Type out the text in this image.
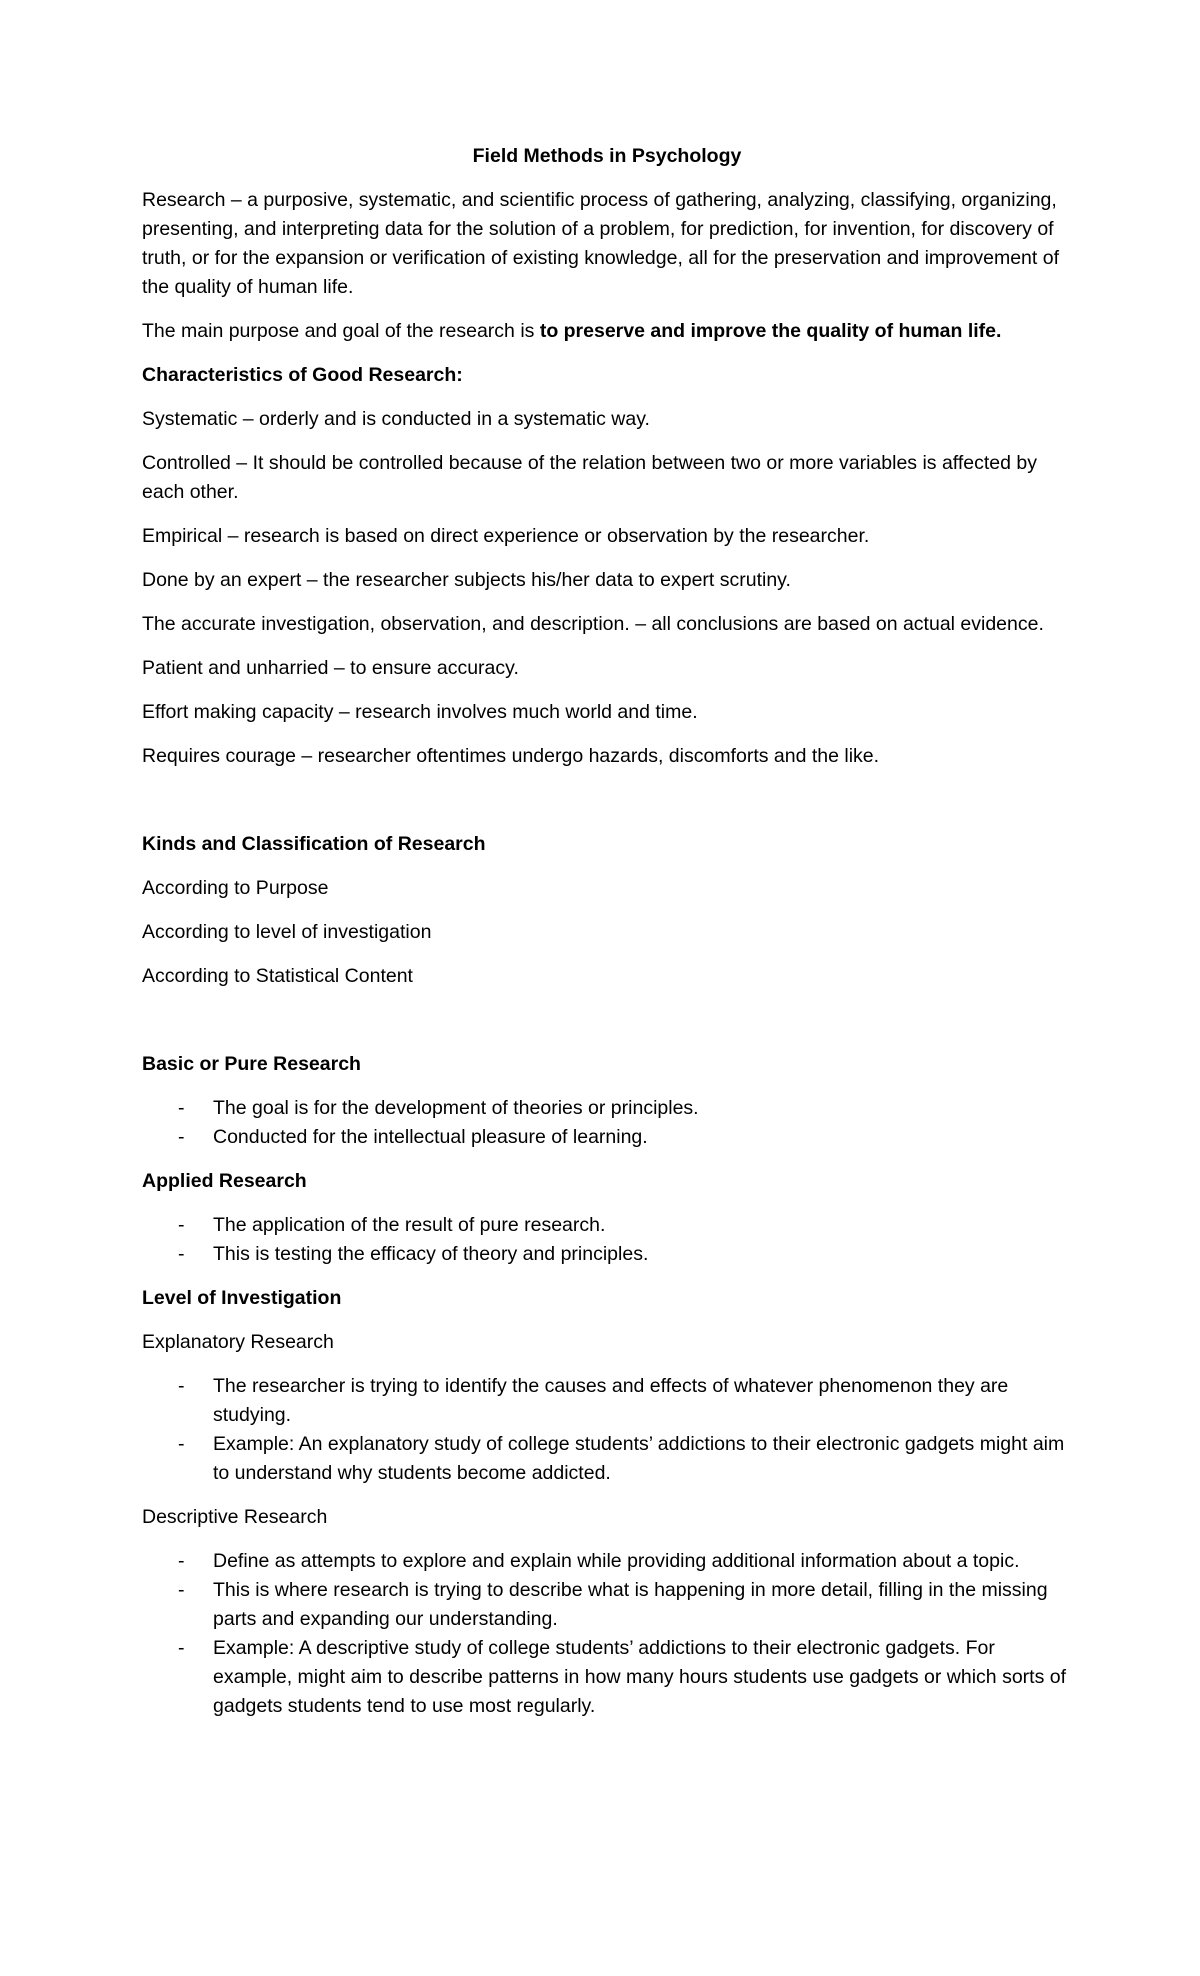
Field Methods in Psychology

Research – a purposive, systematic, and scientific process of gathering, analyzing, classifying, organizing, presenting, and interpreting data for the solution of a problem, for prediction, for invention, for discovery of truth, or for the expansion or verification of existing knowledge, all for the preservation and improvement of the quality of human life.

The main purpose and goal of the research is to preserve and improve the quality of human life.

Characteristics of Good Research:

Systematic – orderly and is conducted in a systematic way.

Controlled – It should be controlled because of the relation between two or more variables is affected by each other.

Empirical – research is based on direct experience or observation by the researcher.

Done by an expert – the researcher subjects his/her data to expert scrutiny.

The accurate investigation, observation, and description. – all conclusions are based on actual evidence.

Patient and unharried – to ensure accuracy.

Effort making capacity – research involves much world and time.

Requires courage – researcher oftentimes undergo hazards, discomforts and the like.

Kinds and Classification of Research

According to Purpose

According to level of investigation

According to Statistical Content

Basic or Pure Research

- The goal is for the development of theories or principles.
- Conducted for the intellectual pleasure of learning.

Applied Research

- The application of the result of pure research.
- This is testing the efficacy of theory and principles.

Level of Investigation

Explanatory Research

- The researcher is trying to identify the causes and effects of whatever phenomenon they are studying.
- Example: An explanatory study of college students’ addictions to their electronic gadgets might aim to understand why students become addicted.

Descriptive Research

- Define as attempts to explore and explain while providing additional information about a topic.
- This is where research is trying to describe what is happening in more detail, filling in the missing parts and expanding our understanding.
- Example: A descriptive study of college students’ addictions to their electronic gadgets. For example, might aim to describe patterns in how many hours students use gadgets or which sorts of gadgets students tend to use most regularly.
